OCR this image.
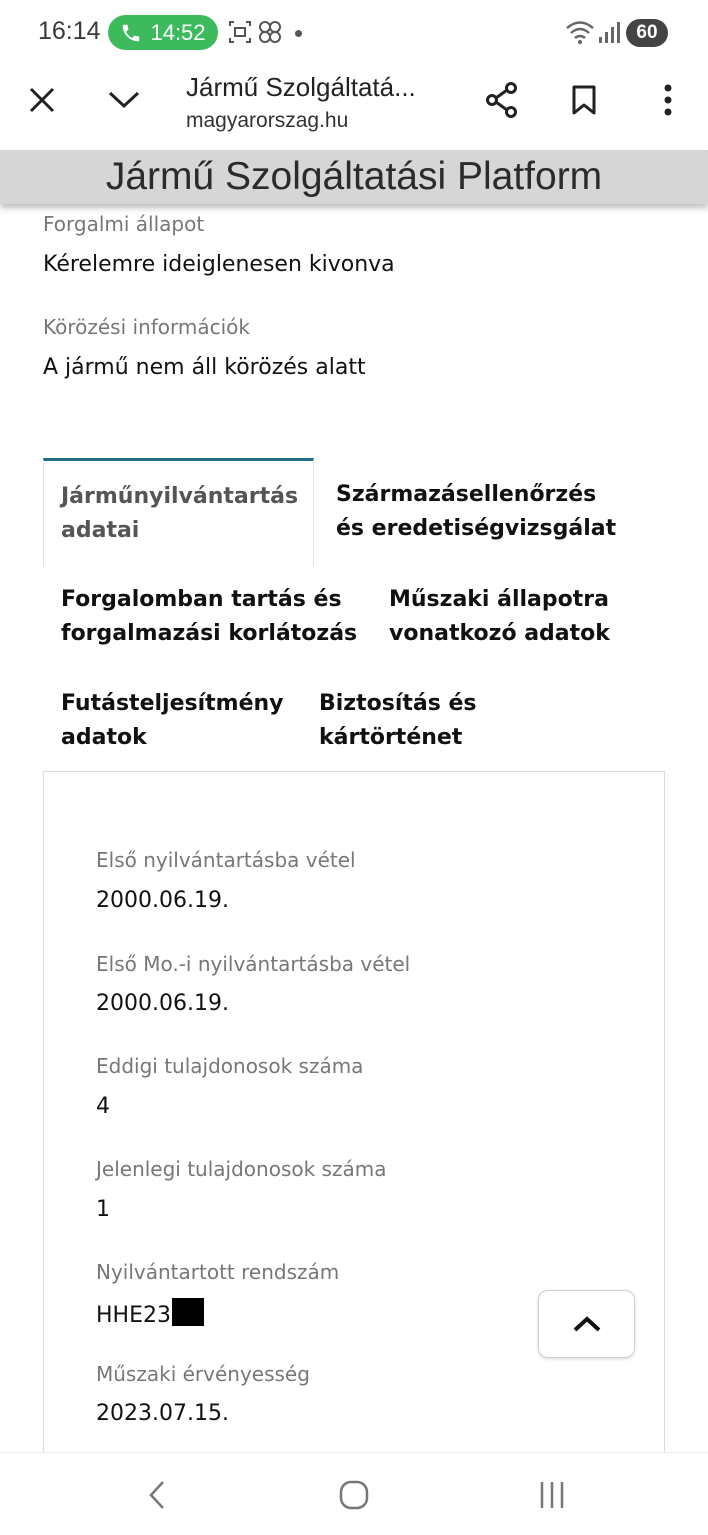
16:14 14:52	60
Jármű Szolgáltatá...
magyarorszag.hu
Jármű Szolgáltatási Platform
Forgalmi állapot
Kérelemre ideiglenesen kivonva
Körözési információk
A jármű nem áll körözés alatt
Járműnyilvántartás
adatai
Származásellenőrzés
és eredetiségvizsgálat
Forgalomban tartás és
forgalmazási korlátozás
Műszaki állapotra
vonatkozó adatok
Futásteljesítmény
adatok
Biztosítás és
kártörténet
Első nyilvántartásba vétel
2000.06.19.
Első Mo.-i nyilvántartásba vétel
2000.06.19.
Eddigi tulajdonosok száma
4
Jelenlegi tulajdonosok száma
1
Nyilvántartott rendszám
HHE23
Műszaki érvényesség
2023.07.15.
